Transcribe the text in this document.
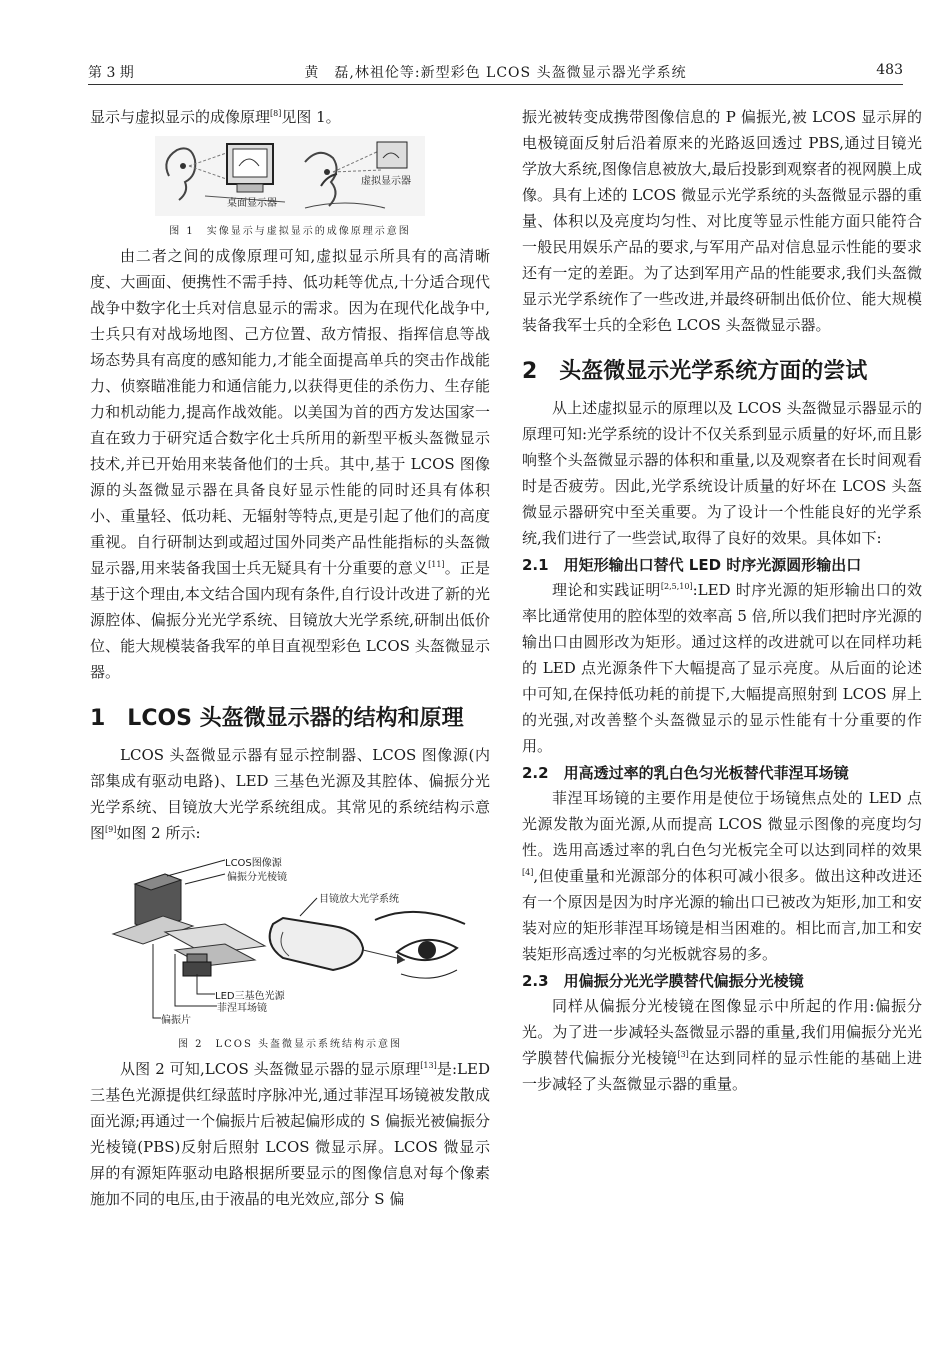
第 3 期	黄　磊,林祖伦等:新型彩色 LCOS 头盔微显示器光学系统	483

显示与虚拟显示的成像原理[8]见图 1。

桌面显示器
虚拟显示器
图 1　实像显示与虚拟显示的成像原理示意图

由二者之间的成像原理可知,虚拟显示所具有的高清晰度、大画面、便携性不需手持、低功耗等优点,十分适合现代战争中数字化士兵对信息显示的需求。因为在现代化战争中,士兵只有对战场地图、己方位置、敌方情报、指挥信息等战场态势具有高度的感知能力,才能全面提高单兵的突击作战能力、侦察瞄准能力和通信能力,以获得更佳的杀伤力、生存能力和机动能力,提高作战效能。以美国为首的西方发达国家一直在致力于研究适合数字化士兵所用的新型平板头盔微显示技术,并已开始用来装备他们的士兵。其中,基于 LCOS 图像源的头盔微显示器在具备良好显示性能的同时还具有体积小、重量轻、低功耗、无辐射等特点,更是引起了他们的高度重视。自行研制达到或超过国外同类产品性能指标的头盔微显示器,用来装备我国士兵无疑具有十分重要的意义[11]。正是基于这个理由,本文结合国内现有条件,自行设计改进了新的光源腔体、偏振分光光学系统、目镜放大光学系统,研制出低价位、能大规模装备我军的单目直视型彩色 LCOS 头盔微显示器。

1　LCOS 头盔微显示器的结构和原理

LCOS 头盔微显示器有显示控制器、LCOS 图像源(内部集成有驱动电路)、LED 三基色光源及其腔体、偏振分光光学系统、目镜放大光学系统组成。其常见的系统结构示意图[9]如图 2 所示:

LCOS图像源
偏振分光棱镜
目镜放大光学系统
LED三基色光源
菲涅耳场镜
偏振片
图 2　LCOS 头盔微显示系统结构示意图

从图 2 可知,LCOS 头盔微显示器的显示原理[13]是:LED 三基色光源提供红绿蓝时序脉冲光,通过菲涅耳场镜被发散成面光源;再通过一个偏振片后被起偏形成的 S 偏振光被偏振分光棱镜(PBS)反射后照射 LCOS 微显示屏。LCOS 微显示屏的有源矩阵驱动电路根据所要显示的图像信息对每个像素施加不同的电压,由于液晶的电光效应,部分 S 偏

振光被转变成携带图像信息的 P 偏振光,被 LCOS 显示屏的电极镜面反射后沿着原来的光路返回透过 PBS,通过目镜光学放大系统,图像信息被放大,最后投影到观察者的视网膜上成像。具有上述的 LCOS 微显示光学系统的头盔微显示器的重量、体积以及亮度均匀性、对比度等显示性能方面只能符合一般民用娱乐产品的要求,与军用产品对信息显示性能的要求还有一定的差距。为了达到军用产品的性能要求,我们头盔微显示光学系统作了一些改进,并最终研制出低价位、能大规模装备我军士兵的全彩色 LCOS 头盔微显示器。

2　头盔微显示光学系统方面的尝试

从上述虚拟显示的原理以及 LCOS 头盔微显示器显示的原理可知:光学系统的设计不仅关系到显示质量的好坏,而且影响整个头盔微显示器的体积和重量,以及观察者在长时间观看时是否疲劳。因此,光学系统设计质量的好坏在 LCOS 头盔微显示器研究中至关重要。为了设计一个性能良好的光学系统,我们进行了一些尝试,取得了良好的效果。具体如下:

2.1　用矩形输出口替代 LED 时序光源圆形输出口

理论和实践证明[2,5,10]:LED 时序光源的矩形输出口的效率比通常使用的腔体型的效率高 5 倍,所以我们把时序光源的输出口由圆形改为矩形。通过这样的改进就可以在同样功耗的 LED 点光源条件下大幅提高了显示亮度。从后面的论述中可知,在保持低功耗的前提下,大幅提高照射到 LCOS 屏上的光强,对改善整个头盔微显示的显示性能有十分重要的作用。

2.2　用高透过率的乳白色匀光板替代菲涅耳场镜

菲涅耳场镜的主要作用是使位于场镜焦点处的 LED 点光源发散为面光源,从而提高 LCOS 微显示图像的亮度均匀性。选用高透过率的乳白色匀光板完全可以达到同样的效果[4],但使重量和光源部分的体积可减小很多。做出这种改进还有一个原因是因为时序光源的输出口已被改为矩形,加工和安装对应的矩形菲涅耳场镜是相当困难的。相比而言,加工和安装矩形高透过率的匀光板就容易的多。

2.3　用偏振分光光学膜替代偏振分光棱镜

同样从偏振分光棱镜在图像显示中所起的作用:偏振分光。为了进一步减轻头盔微显示器的重量,我们用偏振分光光学膜替代偏振分光棱镜[3]在达到同样的显示性能的基础上进一步减轻了头盔微显示器的重量。
